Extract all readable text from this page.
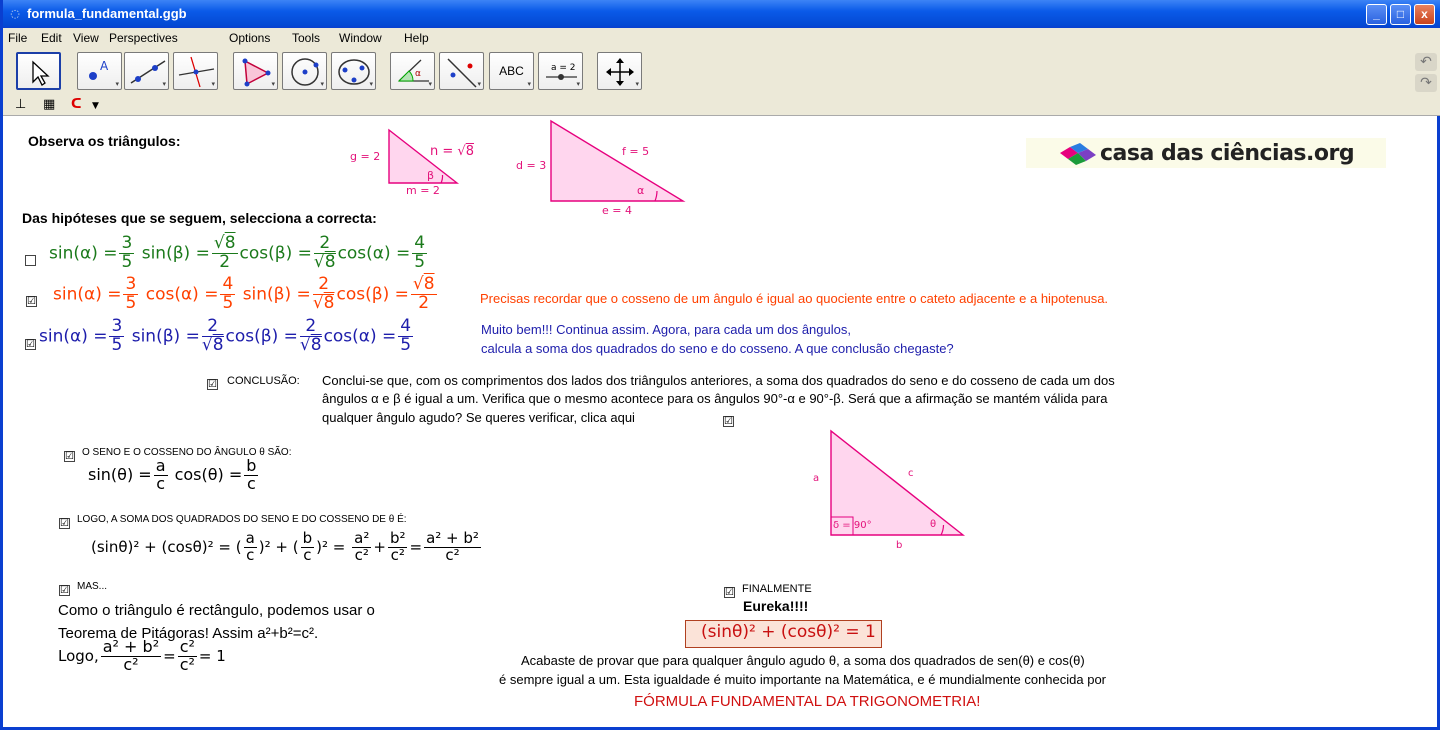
◌ formula_fundamental.ggb	_	□	x
File Edit View Perspectives	Options Tools Window Help
A
▾	▾	▾	▾	▾	▾
α
▾	▾
ABC
▾
a = 2
▾	▾
↶
↷
⊥ ▦ ᑕ ▼
Observa os triângulos:
g = 2	n = √8
β
m = 2
d = 3
f = 5
α
e = 4
casa das ciências.org
Das hipóteses que se seguem, selecciona a correcta:
$\sin(\alpha) = \frac{3}{5} \sin(\beta) = \frac{√8}{2} \cos(\beta) = \frac{2}{√8} \cos(\alpha) = \frac{4}{5}$
☑ $\sin(\alpha) = \frac{3}{5} \cos(\alpha) = \frac{4}{5} \sin(\beta) = \frac{2}{√8} \cos(\beta) = \frac{√8}{2}$	Precisas recordar que o cosseno de um ângulo é igual ao quociente entre o cateto adjacente e a hipotenusa.
☑ $\sin(\alpha) = \frac{3}{5} \sin(\beta) = \frac{2}{√8} \cos(\beta) = \frac{2}{√8} \cos(\alpha) = \frac{4}{5}$	Muito bem!!! Continua assim. Agora, para cada um dos ângulos,
calcula a soma dos quadrados do seno e do cosseno. A que conclusão chegaste?
☑ CONCLUSÃO: Conclui-se que, com os comprimentos dos lados dos triângulos anteriores, a soma dos quadrados do seno e do cosseno de cada um dos
ângulos α e β é igual a um. Verifica que o mesmo acontece para os ângulos 90°-α e 90°-β. Será que a afirmação se mantém válida para
qualquer ângulo agudo? Se queres verificar, clica aqui	☑
☑ O SENO E O COSSENO DO ÂNGULO θ SÃO:
$\sin(\theta) = \frac{a}{c} \cos(\theta) = \frac{b}{c}$
☑ LOGO, A SOMA DOS QUADRADOS DO SENO E DO COSSENO DE θ É:
(sinθ)² + (cosθ)² = ( $\frac{a}{c} )^2$ + ( $\frac{b}{c} )^2 = \frac{\text{a²}}{\text{c²}} + \frac{\text{b²}}{\text{c²}} = \frac{\text{a² + b²}}{\text{c²}}$
☑ MAS...
Como o triângulo é rectângulo, podemos usar o
Teorema de Pitágoras! Assim a²+b²=c².
Logo, $\frac{\text{a² + b²}}{\text{c²}} = \frac{\text{c²}}{\text{c²}} = 1$
a	c
δ = 90°	θ
b
☑ FINALMENTE
Eureka!!!!
(sinθ)² + (cosθ)² = 1
Acabaste de provar que para qualquer ângulo agudo θ, a soma dos quadrados de sen(θ) e cos(θ)
é sempre igual a um. Esta igualdade é muito importante na Matemática, e é mundialmente conhecida por
FÓRMULA FUNDAMENTAL DA TRIGONOMETRIA!
